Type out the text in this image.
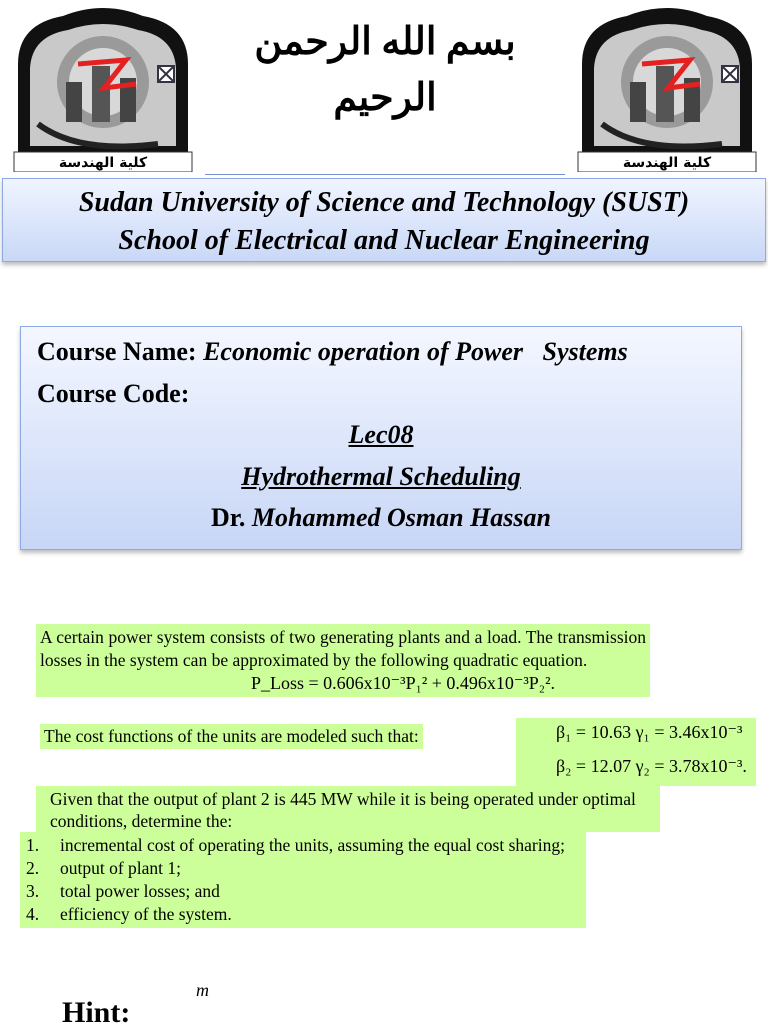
بسم الله الرحمن الرحيم
كلية الهندسة	كلية الهندسة
Sudan University of Science and Technology (SUST)
School of Electrical and Nuclear Engineering
Course Name: Economic operation of Power   Systems
Course Code:
Lec08
Hydrothermal Scheduling
Dr. Mohammed Osman Hassan
A certain power system consists of two generating plants and a load. The transmission losses in the system can be approximated by the following quadratic equation.
P_Loss = 0.606x10⁻³P₁² + 0.496x10⁻³P₂².
The cost functions of the units are modeled such that:	β₁ = 10.63 γ₁ = 3.46x10⁻³
β₂ = 12.07 γ₂ = 3.78x10⁻³.
Given that the output of plant 2 is 445 MW while it is being operated under optimal conditions, determine the:
1.	incremental cost of operating the units, assuming the equal cost sharing;
2.	output of plant 1;
3.	total power losses; and
4.	efficiency of the system.
Hint:
m
